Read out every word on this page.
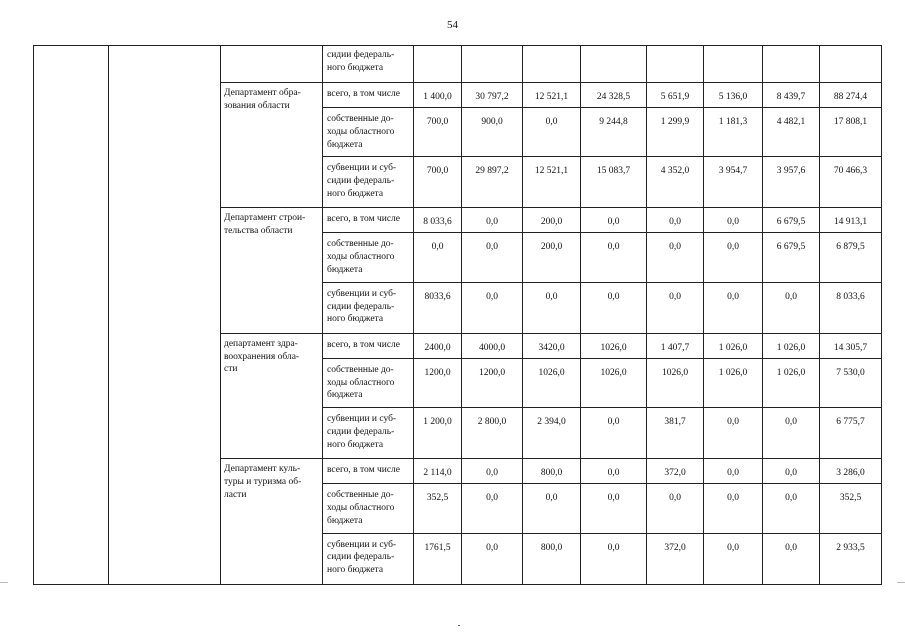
54
			сидии федераль-
ного бюджета								
		Департамент обра-
зования области	всего, в том числе	1 400,0	30 797,2	12 521,1	24 328,5	5 651,9	5 136,0	8 439,7	88 274,4
			собственные до-
ходы областного
бюджета	700,0	900,0	0,0	9 244,8	1 299,9	1 181,3	4 482,1	17 808,1
			субвенции и суб-
сидии федераль-
ного бюджета	700,0	29 897,2	12 521,1	15 083,7	4 352,0	3 954,7	3 957,6	70 466,3
		Департамент строи-
тельства области	всего, в том числе	8 033,6	0,0	200,0	0,0	0,0	0,0	6 679,5	14 913,1
			собственные до-
ходы областного
бюджета	0,0	0,0	200,0	0,0	0,0	0,0	6 679,5	6 879,5
			субвенции и суб-
сидии федераль-
ного бюджета	8033,6	0,0	0,0	0,0	0,0	0,0	0,0	8 033,6
		департамент здра-
воохранения обла-
сти	всего, в том числе	2400,0	4000,0	3420,0	1026,0	1 407,7	1 026,0	1 026,0	14 305,7
			собственные до-
ходы областного
бюджета	1200,0	1200,0	1026,0	1026,0	1026,0	1 026,0	1 026,0	7 530,0
			субвенции и суб-
сидии федераль-
ного бюджета	1 200,0	2 800,0	2 394,0	0,0	381,7	0,0	0,0	6 775,7
		Департамент куль-
туры и туризма об-
ласти	всего, в том числе	2 114,0	0,0	800,0	0,0	372,0	0,0	0,0	3 286,0
			собственные до-
ходы областного
бюджета	352,5	0,0	0,0	0,0	0,0	0,0	0,0	352,5
			субвенции и суб-
сидии федераль-
ного бюджета	1761,5	0,0	800,0	0,0	372,0	0,0	0,0	2 933,5
